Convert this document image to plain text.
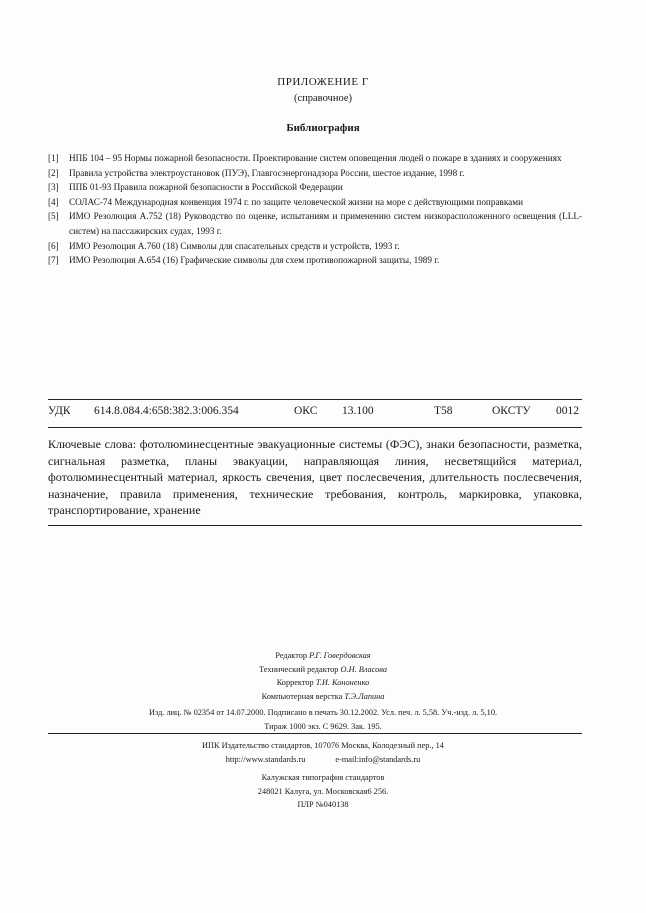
ПРИЛОЖЕНИЕ Г
(справочное)
Библиография
[1]	НПБ 104 – 95 Нормы пожарной безопасности. Проектирование систем оповещения людей о пожаре в зданиях и сооружениях
[2]	Правила устройства электроустановок (ПУЭ), Главгосэнергонадзора России, шестое издание, 1998 г.
[3]	ППБ 01-93 Правила пожарной безопасности в Российской Федерации
[4]	СОЛАС-74 Международная конвенция 1974 г. по защите человеческой жизни на море с действующими поправками
[5]	ИМО Резолюция А.752 (18) Руководство по оценке, испытаниям и применению систем низкорасположенного освещения (LLL-систем) на пассажирских судах, 1993 г.
[6]	ИМО Резолюция А.760 (18) Символы для спасательных средств и устройств, 1993 г.
[7]	ИМО Резолюция А.654 (16) Графические символы для схем противопожарной защиты, 1989 г.
УДК 614.8.084.4:658:382.3:006.354	ОКС 13.100	Т58	ОКСТУ 0012
Ключевые слова: фотолюминесцентные эвакуационные системы (ФЭС), знаки безопасности, разметка, сигнальная разметка, планы эвакуации, направляющая линия, несветящийся материал, фотолюминесцентный материал, яркость свечения, цвет послесвечения, длительность послесвечения, назначение, правила применения, технические требования, контроль, маркировка, упаковка, транспортирование, хранение
Редактор Р.Г. Говердовская
Технический редактор О.Н. Власова
Корректор Т.И. Кононенко
Компьютерная верстка Т.Э.Лапина
Изд. лиц. № 02354 от 14.07.2000. Подписано в печать 30.12.2002. Усл. печ. л. 5,58. Уч.-изд. л. 5,10.
Тираж 1000 экз. С 9629. Зак. 195.
ИПК Издательство стандартов, 107076 Москва, Колодезный пер., 14
http://www.standards.ru	e-mail:info@standards.ru
Калужская типография стандартов
248021 Калуга, ул. Московская6 256.
ПЛР №040138
